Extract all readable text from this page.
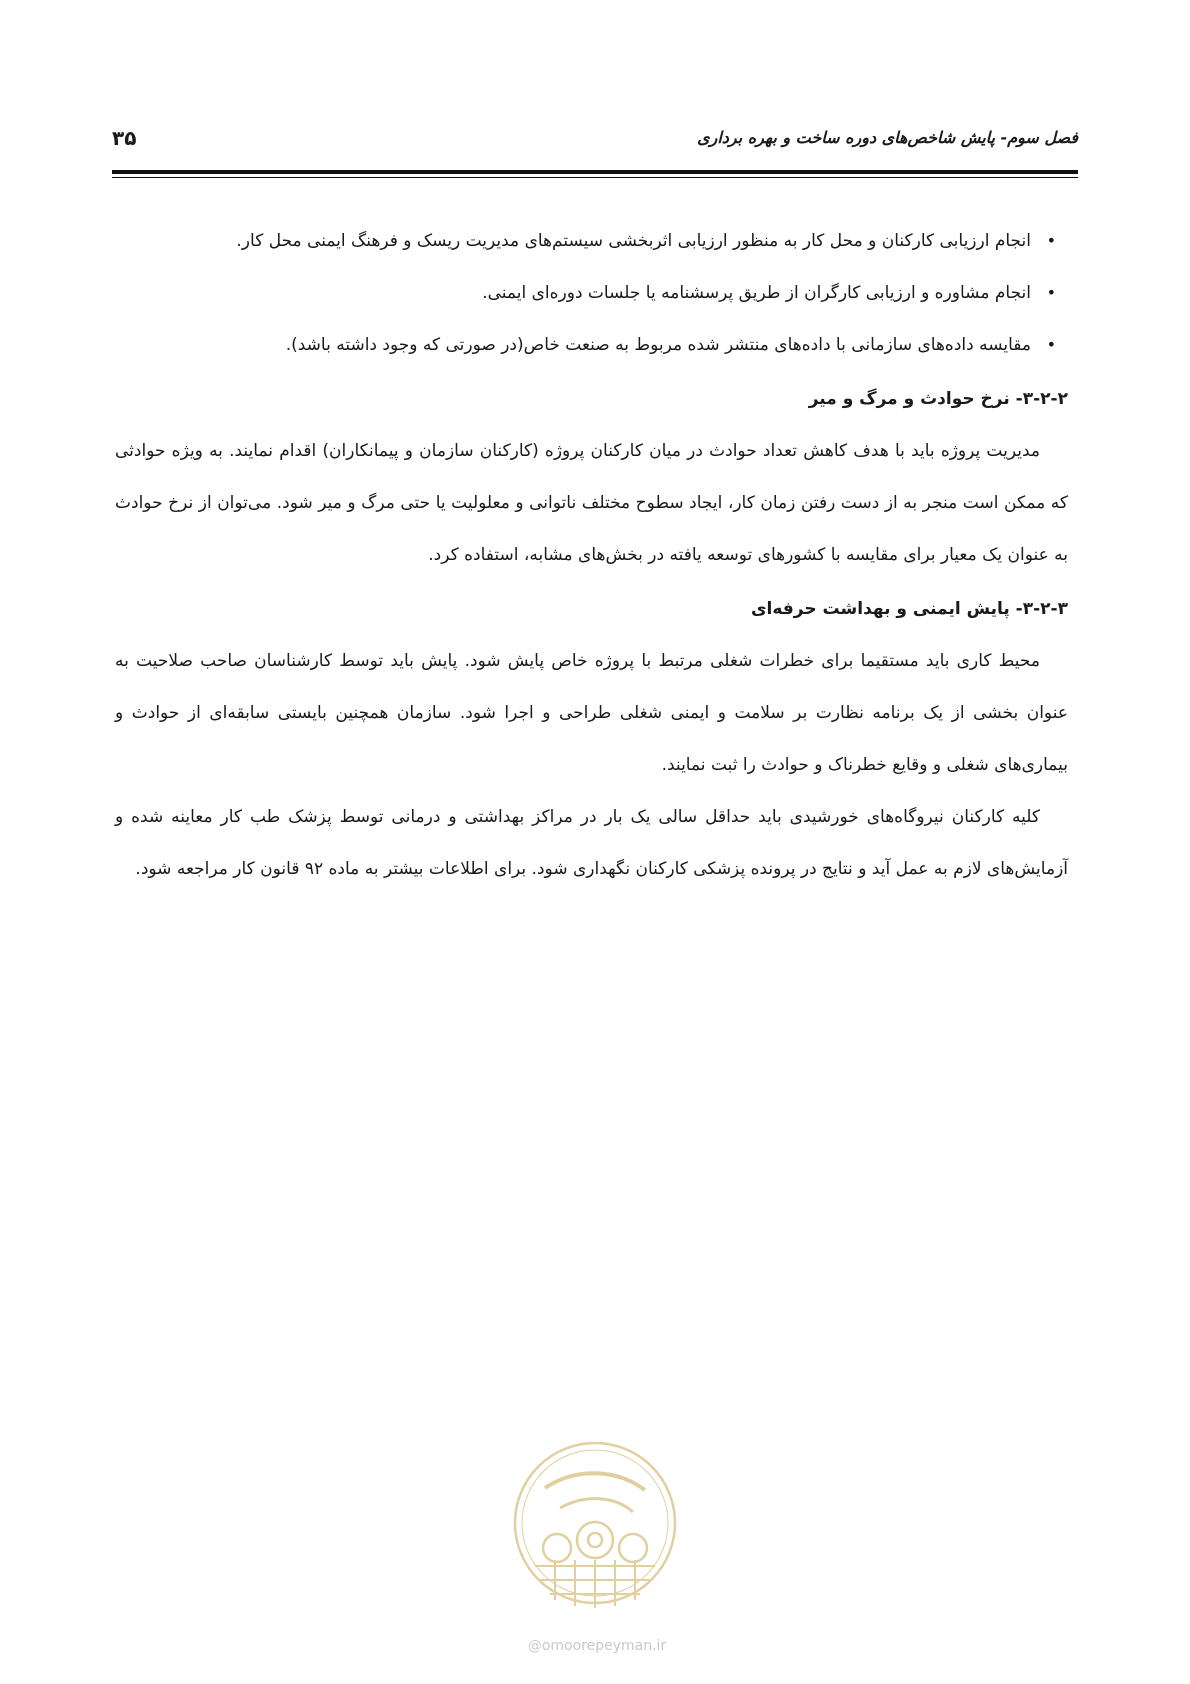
فصل سوم- پایش شاخص‌های دوره ساخت و بهره برداری
۳۵
•
انجام ارزیابی کارکنان و محل کار به منظور ارزیابی اثربخشی سیستم‌های مدیریت ریسک و فرهنگ ایمنی محل کار.
•
انجام مشاوره و ارزیابی کارگران از طریق پرسشنامه یا جلسات دوره‌ای ایمنی.
•
مقایسه داده‌های سازمانی با داده‌های منتشر شده مربوط به صنعت خاص(در صورتی که وجود داشته باشد).
۳-۲-۲- نرخ حوادث و مرگ و میر

مدیریت پروژه باید با هدف کاهش تعداد حوادث در میان کارکنان پروژه (کارکنان سازمان و پیمانکاران) اقدام نمایند. به ویژه حوادثی که ممکن است منجر به از دست رفتن زمان کار، ایجاد سطوح مختلف ناتوانی و معلولیت یا حتی مرگ و میر شود. می‌توان از نرخ حوادث به عنوان یک معیار برای مقایسه با کشورهای توسعه یافته در بخش‌های مشابه، استفاده کرد.

۳-۲-۳- پایش ایمنی و بهداشت حرفه‌ای

محیط کاری باید مستقیما برای خطرات شغلی مرتبط با پروژه خاص پایش شود. پایش باید توسط کارشناسان صاحب صلاحیت به عنوان بخشی از یک برنامه نظارت بر سلامت و ایمنی شغلی طراحی و اجرا شود. سازمان همچنین بایستی سابقه‌ای از حوادث و بیماری‌های شغلی و وقایع خطرناک و حوادث را ثبت نمایند.

کلیه کارکنان نیروگاه‌های خورشیدی باید حداقل سالی یک بار در مراکز بهداشتی و درمانی توسط پزشک طب کار معاینه شده و آزمایش‌های لازم به عمل آید و نتایج در پرونده پزشکی کارکنان نگهداری شود. برای اطلاعات بیشتر به ماده ۹۲ قانون کار مراجعه شود.

@omoorepeyman.ir
